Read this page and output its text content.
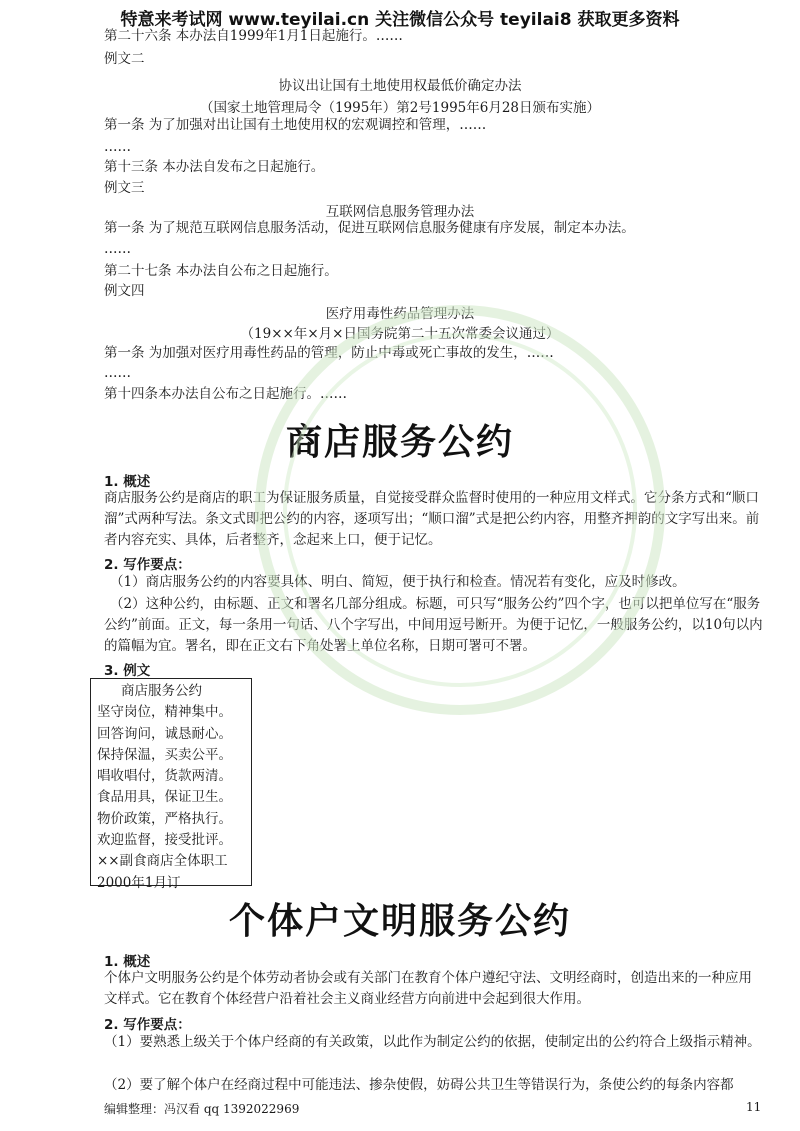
特意来考试网 www.teyilai.cn 关注微信公众号 teyilai8 获取更多资料
第二十六条 本办法自1999年1月1日起施行。……
例文二
协议出让国有土地使用权最低价确定办法
（国家土地管理局令（1995年）第2号1995年6月28日颁布实施）
第一条 为了加强对出让国有土地使用权的宏观调控和管理，……
……
第十三条 本办法自发布之日起施行。
例文三
互联网信息服务管理办法
第一条 为了规范互联网信息服务活动，促进互联网信息服务健康有序发展，制定本办法。
……
第二十七条 本办法自公布之日起施行。
例文四
医疗用毒性药品管理办法
（19××年×月×日国务院第二十五次常委会议通过）
第一条 为加强对医疗用毒性药品的管理，防止中毒或死亡事故的发生，……
……
第十四条本办法自公布之日起施行。……
商店服务公约
1. 概述
商店服务公约是商店的职工为保证服务质量，自觉接受群众监督时使用的一种应用文样式。它分条方式和“顺口溜”式两种写法。条文式即把公约的内容，逐项写出；“顺口溜”式是把公约内容，用整齐押韵的文字写出来。前者内容充实、具体，后者整齐，念起来上口，便于记忆。
2. 写作要点：
（1）商店服务公约的内容要具体、明白、简短，便于执行和检查。情况若有变化，应及时修改。
（2）这种公约，由标题、正文和署名几部分组成。标题，可只写“服务公约”四个字，也可以把单位写在“服务公约”前面。正文，每一条用一句话、八个字写出，中间用逗号断开。为便于记忆，一般服务公约，以10句以内的篇幅为宜。署名，即在正文右下角处署上单位名称，日期可署可不署。
3. 例文
商店服务公约
坚守岗位，精神集中。
回答询问，诚恳耐心。
保持保温，买卖公平。
唱收唱付，货款两清。
食品用具，保证卫生。
物价政策，严格执行。
欢迎监督，接受批评。
××副食商店全体职工
2000年1月订
个体户文明服务公约
1. 概述
个体户文明服务公约是个体劳动者协会或有关部门在教育个体户遵纪守法、文明经商时，创造出来的一种应用文样式。它在教育个体经营户沿着社会主义商业经营方向前进中会起到很大作用。
2. 写作要点：
（1）要熟悉上级关于个体户经商的有关政策，以此作为制定公约的依据，使制定出的公约符合上级指示精神。
（2）要了解个体户在经商过程中可能违法、掺杂使假，妨碍公共卫生等错误行为，条使公约的每条内容都
编辑整理：冯汉看 qq 1392022969	11
